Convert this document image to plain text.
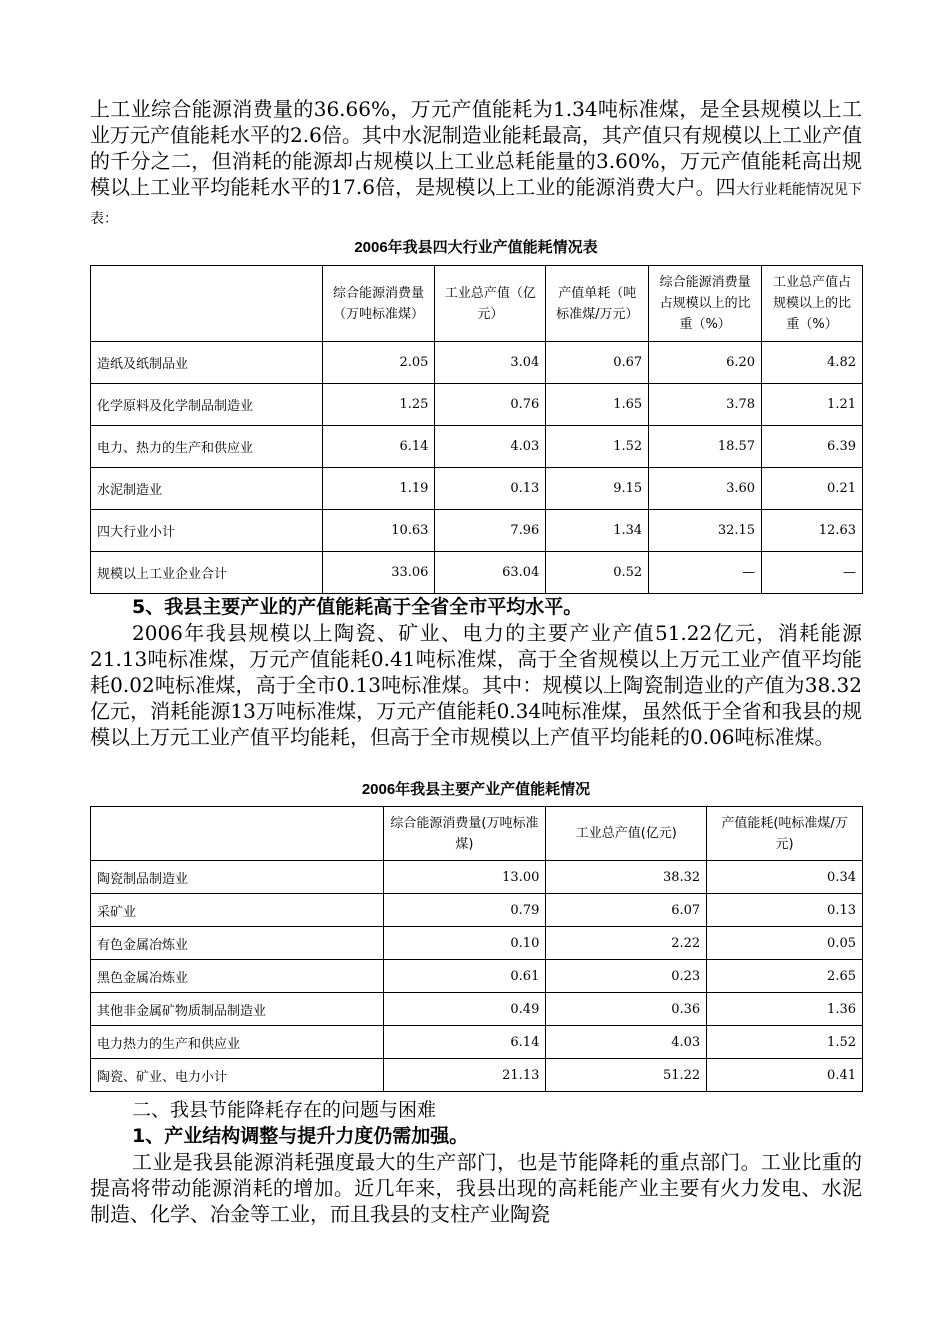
上工业综合能源消费量的36.66%，万元产值能耗为1.34吨标准煤，是全县规模以上工业万元产值能耗水平的2.6倍。其中水泥制造业能耗最高，其产值只有规模以上工业产值的千分之二，但消耗的能源却占规模以上工业总耗能量的3.60%，万元产值能耗高出规模以上工业平均能耗水平的17.6倍，是规模以上工业的能源消费大户。四大行业耗能情况见下表：

2006年我县四大行业产值能耗情况表

	综合能源消费量（万吨标准煤）	工业总产值（亿元）	产值单耗（吨标准煤/万元）	综合能源消费量占规模以上的比重（%）	工业总产值占规模以上的比重（%）
造纸及纸制品业	2.05	3.04	0.67	6.20	4.82
化学原料及化学制品制造业	1.25	0.76	1.65	3.78	1.21
电力、热力的生产和供应业	6.14	4.03	1.52	18.57	6.39
水泥制造业	1.19	0.13	9.15	3.60	0.21
四大行业小计	10.63	7.96	1.34	32.15	12.63
规模以上工业企业合计	33.06	63.04	0.52	—	—

5、我县主要产业的产值能耗高于全省全市平均水平。

2006年我县规模以上陶瓷、矿业、电力的主要产业产值51.22亿元，消耗能源21.13吨标准煤，万元产值能耗0.41吨标准煤，高于全省规模以上万元工业产值平均能耗0.02吨标准煤，高于全市0.13吨标准煤。其中：规模以上陶瓷制造业的产值为38.32亿元，消耗能源13万吨标准煤，万元产值能耗0.34吨标准煤，虽然低于全省和我县的规模以上万元工业产值平均能耗，但高于全市规模以上产值平均能耗的0.06吨标准煤。

2006年我县主要产业产值能耗情况

	综合能源消费量(万吨标准煤)	工业总产值(亿元)	产值能耗(吨标准煤/万元)
陶瓷制品制造业	13.00	38.32	0.34
采矿业	0.79	6.07	0.13
有色金属冶炼业	0.10	2.22	0.05
黑色金属冶炼业	0.61	0.23	2.65
其他非金属矿物质制品制造业	0.49	0.36	1.36
电力热力的生产和供应业	6.14	4.03	1.52
陶瓷、矿业、电力小计	21.13	51.22	0.41

二、我县节能降耗存在的问题与困难

1、产业结构调整与提升力度仍需加强。

工业是我县能源消耗强度最大的生产部门，也是节能降耗的重点部门。工业比重的提高将带动能源消耗的增加。近几年来，我县出现的高耗能产业主要有火力发电、水泥制造、化学、冶金等工业，而且我县的支柱产业陶瓷
